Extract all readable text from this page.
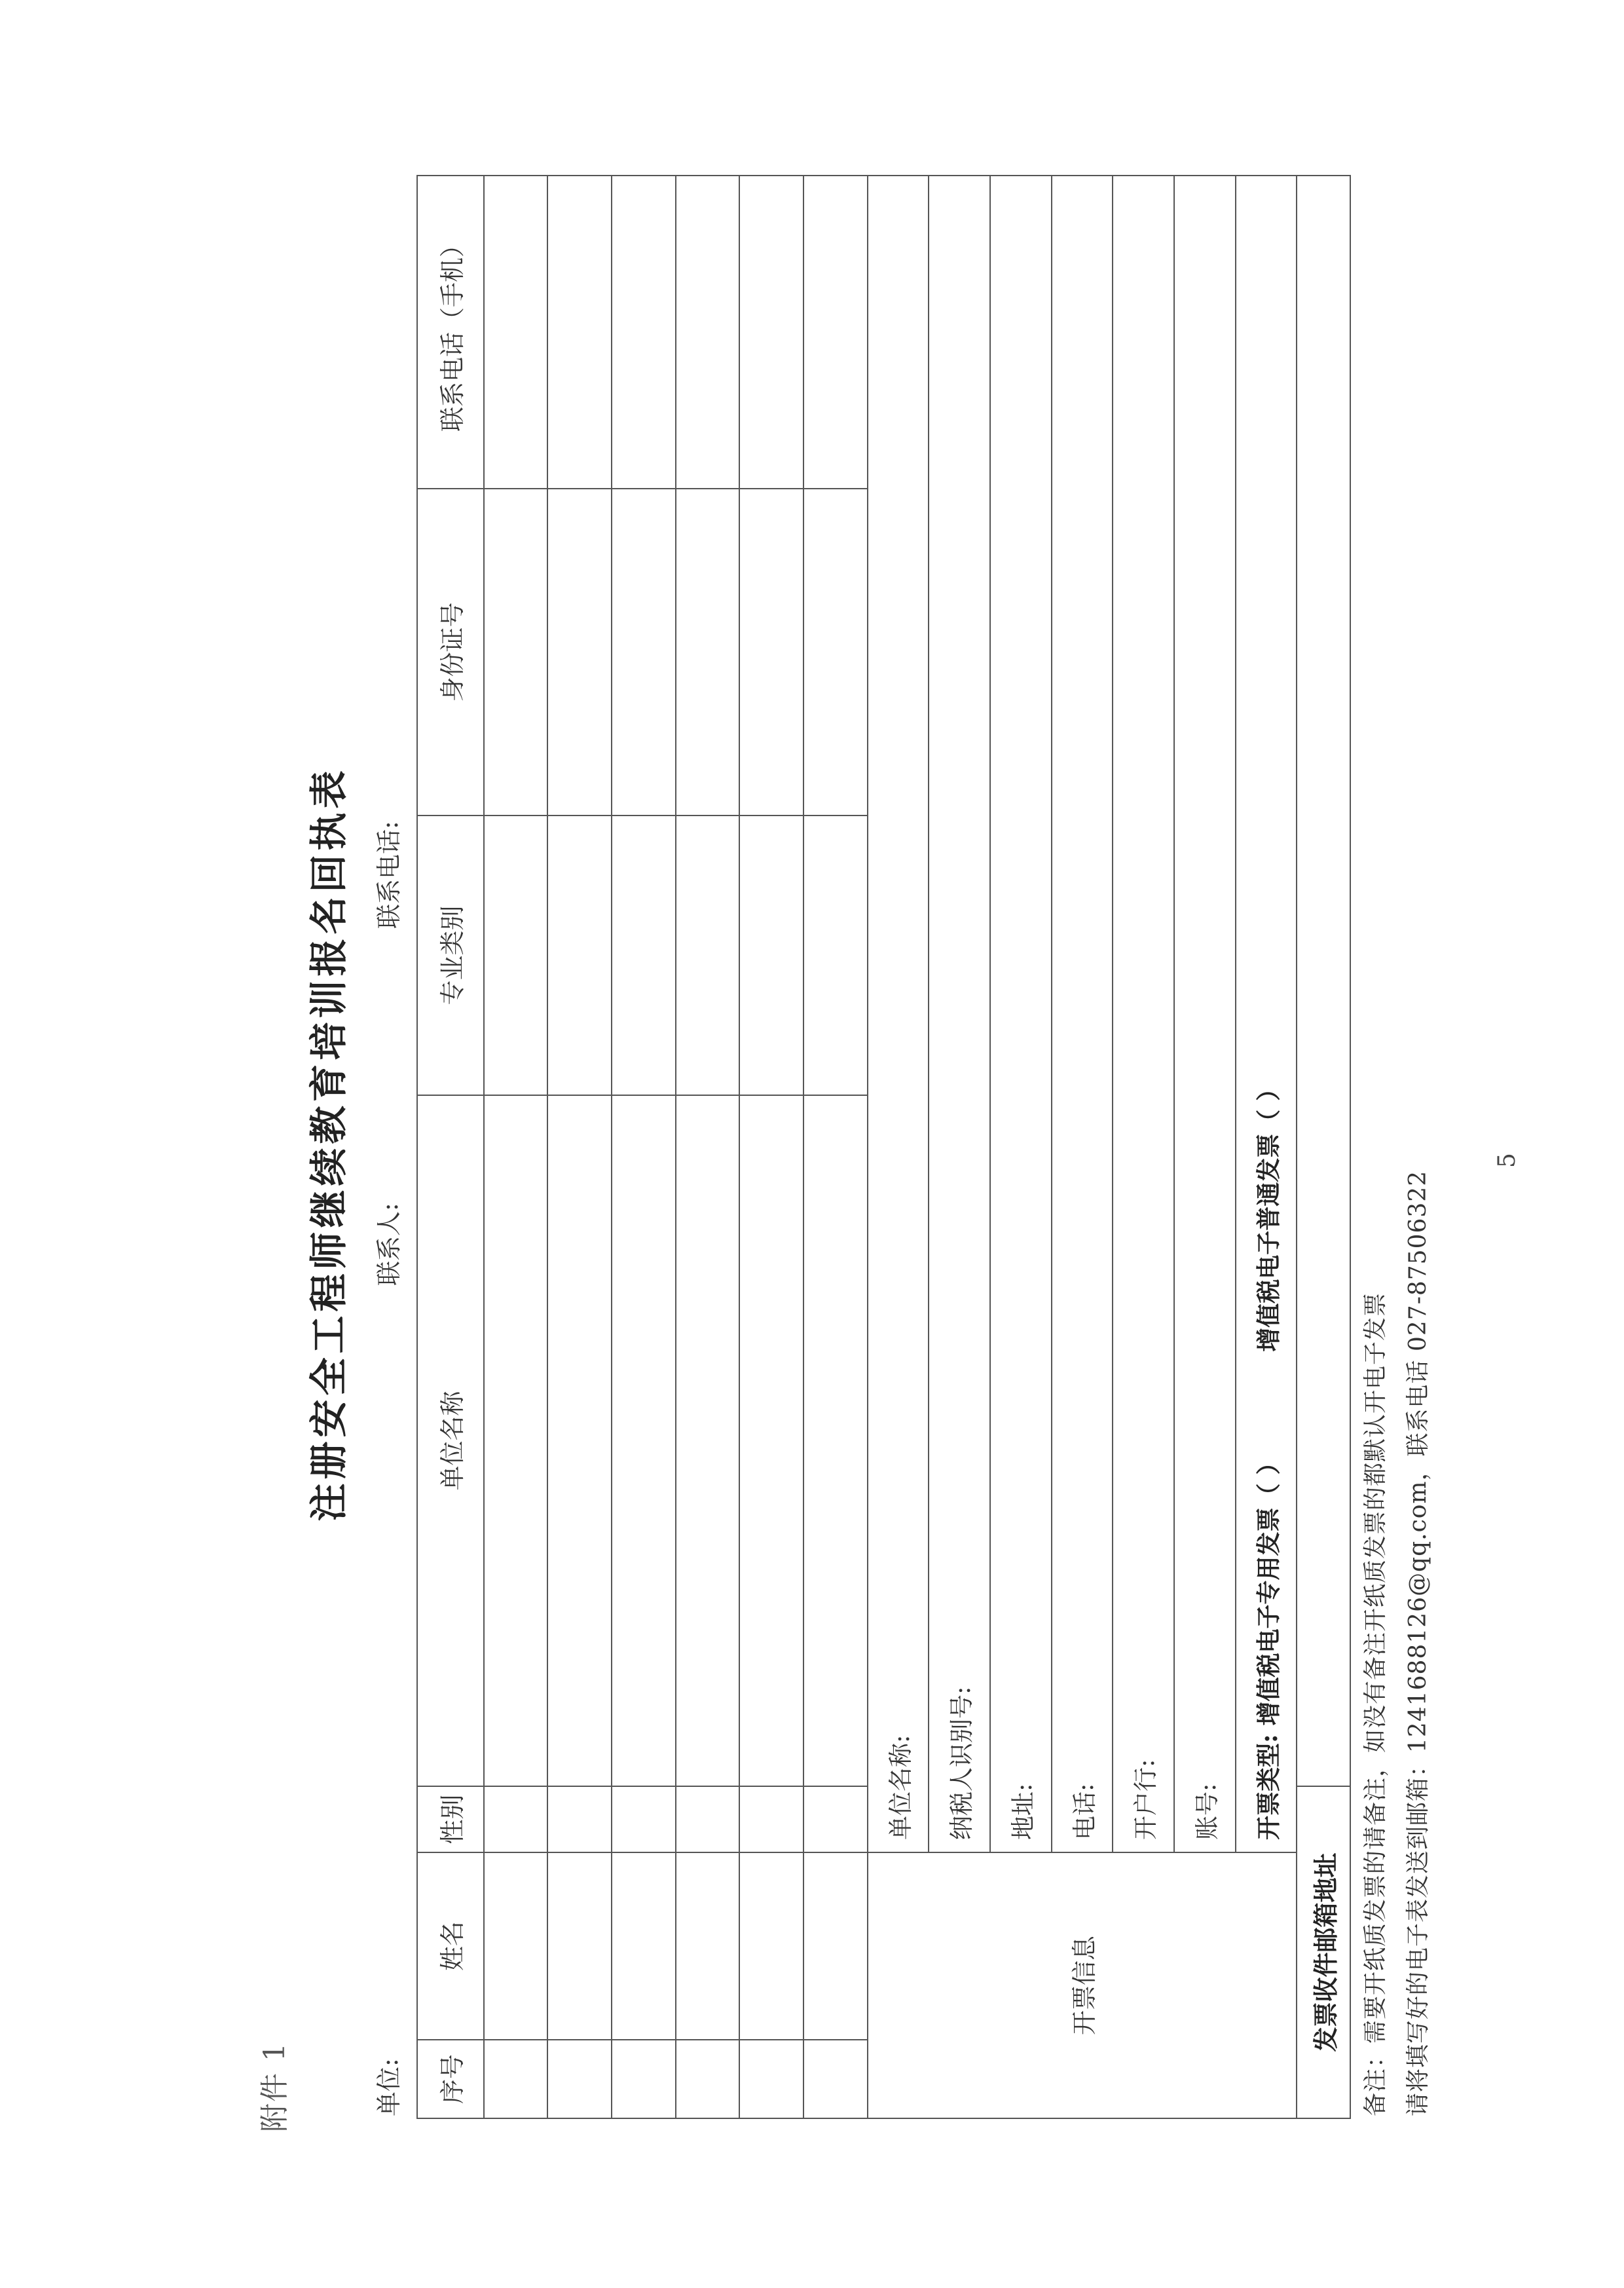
附件 1
注册安全工程师继续教育培训报名回执表
单位:
联系人:
联系电话:
序号	姓名	性别	单位名称	专业类别	身份证号	联系电话（手机）

开票信息		单位名称:				
		纳税人识别号:				
		地址:				
		电话:				
		开户行:				
		账号:				
		开票类型: 增值税电子专用发票（ ）  增值税电子普通发票（ ）				
发票收件邮箱地址						备注：需要开纸质发票的请备注，如没有备注开纸质发票的都默认开电子发票 请将填写好的电子表发送到邮箱：1241688126@qq.com，联系电话 027-87506322
5
